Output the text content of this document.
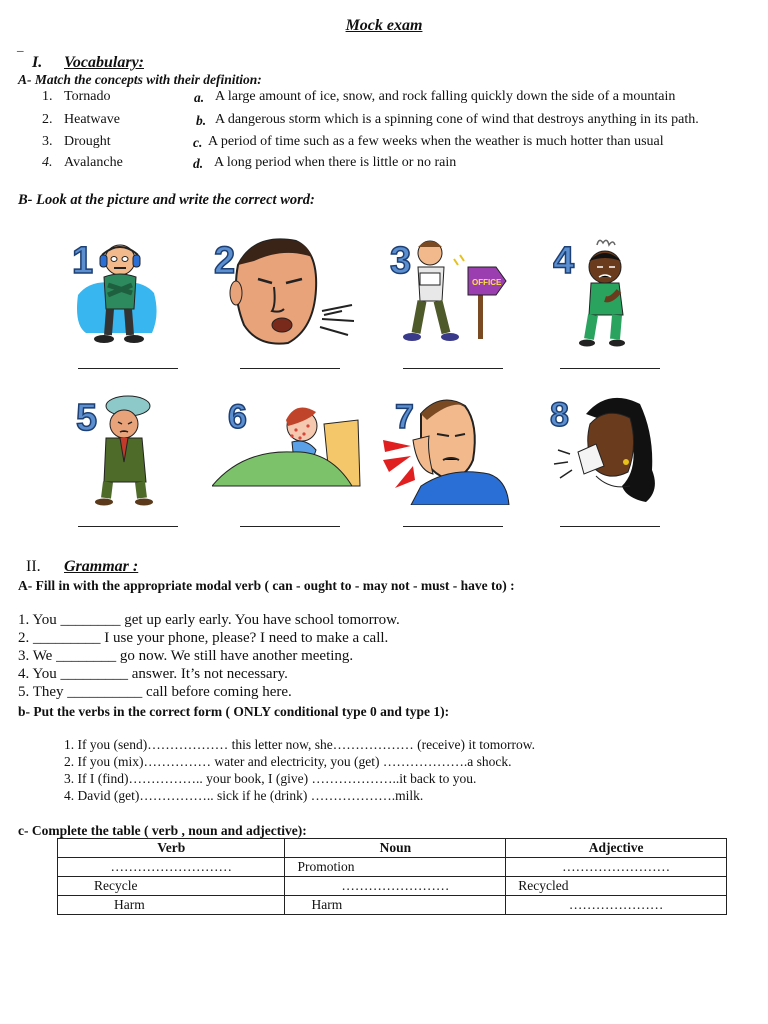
Mock exam
_
I. Vocabulary:
A- Match the concepts with their definition:
1. Tornado	a. A large amount of ice, snow, and rock falling quickly down the side of a mountain
2. Heatwave	b. A dangerous storm which is a spinning cone of wind that destroys anything in its path.
3. Drought	c. A period of time such as a few weeks when the weather is much hotter than usual
4. Avalanche	d. A long period when there is little or no rain
B- Look at the picture and write the correct word:
1	2	3
OFFICE
4
5	6	7	8
II. Grammar :
A- Fill in with the appropriate modal verb ( can - ought to - may not - must - have to) :
1. You ________ get up early early. You have school tomorrow.
2. _________ I use your phone, please? I need to make a call.
3. We ________ go now. We still have another meeting.
4. You _________ answer. It’s not necessary.
5. They __________ call before coming here.
b- Put the verbs in the correct form ( ONLY conditional type 0 and type 1):
1. If you (send)……………… this letter now, she……………… (receive) it tomorrow.
2. If you (mix)…………… water and electricity, you (get) ……………….a shock.
3. If I (find)…………….. your book, I (give) ………………..it back to you.
4. David (get)…………….. sick if he (drink) ……………….milk.
c- Complete the table ( verb , noun and adjective):
Verb	Noun	Adjective
………………………	Promotion	……………………
Recycle	……………………	Recycled
Harm	Harm	…………………
